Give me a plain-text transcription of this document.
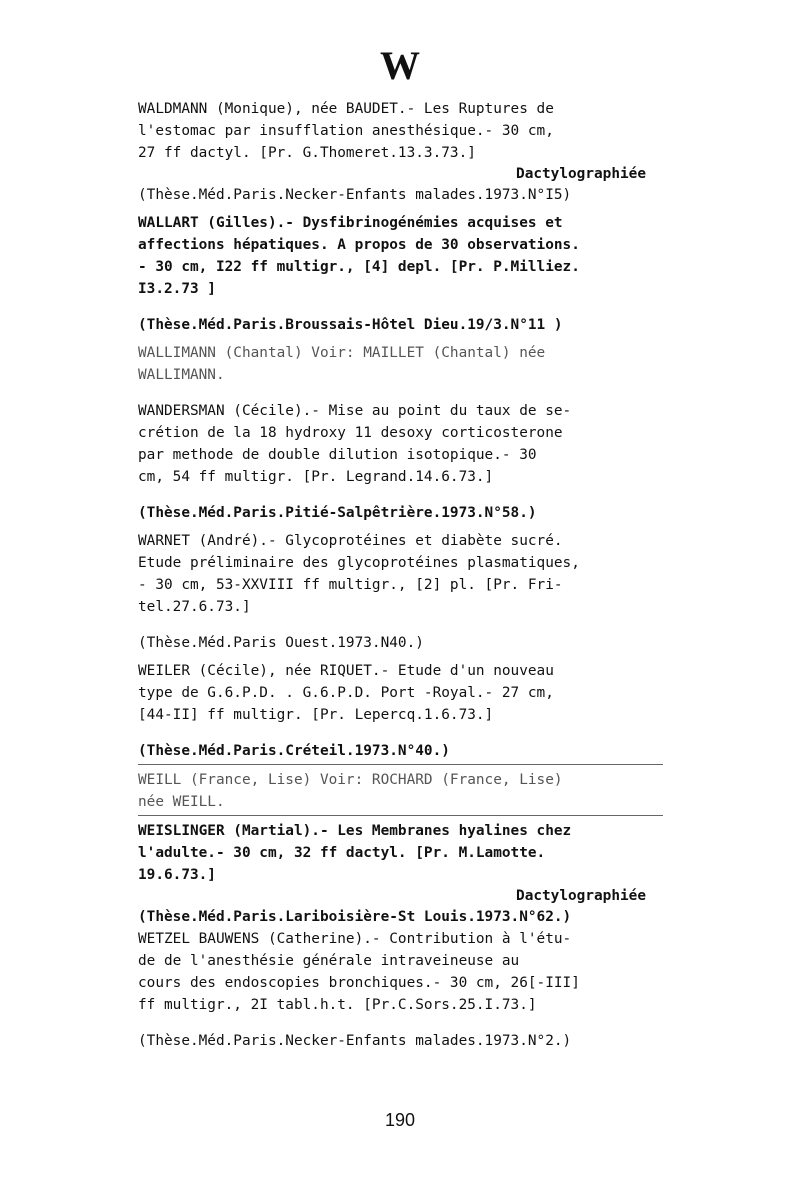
W
WALDMANN (Monique), née BAUDET.- Les Ruptures de
l'estomac par insufflation anesthésique.- 30 cm,
27 ff dactyl. [Pr. G.Thomeret.13.3.73.]
Dactylographiée
(Thèse.Méd.Paris.Necker-Enfants malades.1973.N°I5)
WALLART (Gilles).- Dysfibrinogénémies acquises et
affections hépatiques. A propos de 30 observations.
- 30 cm, I22 ff multigr., [4] depl. [Pr. P.Milliez.
I3.2.73 ]
(Thèse.Méd.Paris.Broussais-Hôtel Dieu.19/3.N°11 )
WALLIMANN (Chantal) Voir: MAILLET (Chantal) née
WALLIMANN.
WANDERSMAN (Cécile).- Mise au point du taux de se-
crétion de la 18 hydroxy 11 desoxy corticosterone
par methode de double dilution isotopique.- 30
cm, 54 ff multigr. [Pr. Legrand.14.6.73.]
(Thèse.Méd.Paris.Pitié-Salpêtrière.1973.N°58.)
WARNET (André).- Glycoprotéines et diabète sucré.
Etude préliminaire des glycoprotéines plasmatiques,
- 30 cm, 53-XXVIII ff multigr., [2] pl. [Pr. Fri-
tel.27.6.73.]
(Thèse.Méd.Paris Ouest.1973.N40.)
WEILER (Cécile), née RIQUET.- Etude d'un nouveau
type de G.6.P.D. . G.6.P.D. Port -Royal.- 27 cm,
[44-II] ff multigr. [Pr. Lepercq.1.6.73.]
(Thèse.Méd.Paris.Créteil.1973.N°40.)
WEILL (France, Lise) Voir: ROCHARD (France, Lise)
née WEILL.
WEISLINGER (Martial).- Les Membranes hyalines chez
l'adulte.- 30 cm, 32 ff dactyl. [Pr. M.Lamotte.
19.6.73.]
Dactylographiée
(Thèse.Méd.Paris.Lariboisière-St Louis.1973.N°62.)
WETZEL BAUWENS (Catherine).- Contribution à l'étu-
de de l'anesthésie générale intraveineuse au
cours des endoscopies bronchiques.- 30 cm, 26[-III]
ff multigr., 2I tabl.h.t. [Pr.C.Sors.25.I.73.]
(Thèse.Méd.Paris.Necker-Enfants malades.1973.N°2.)
190
